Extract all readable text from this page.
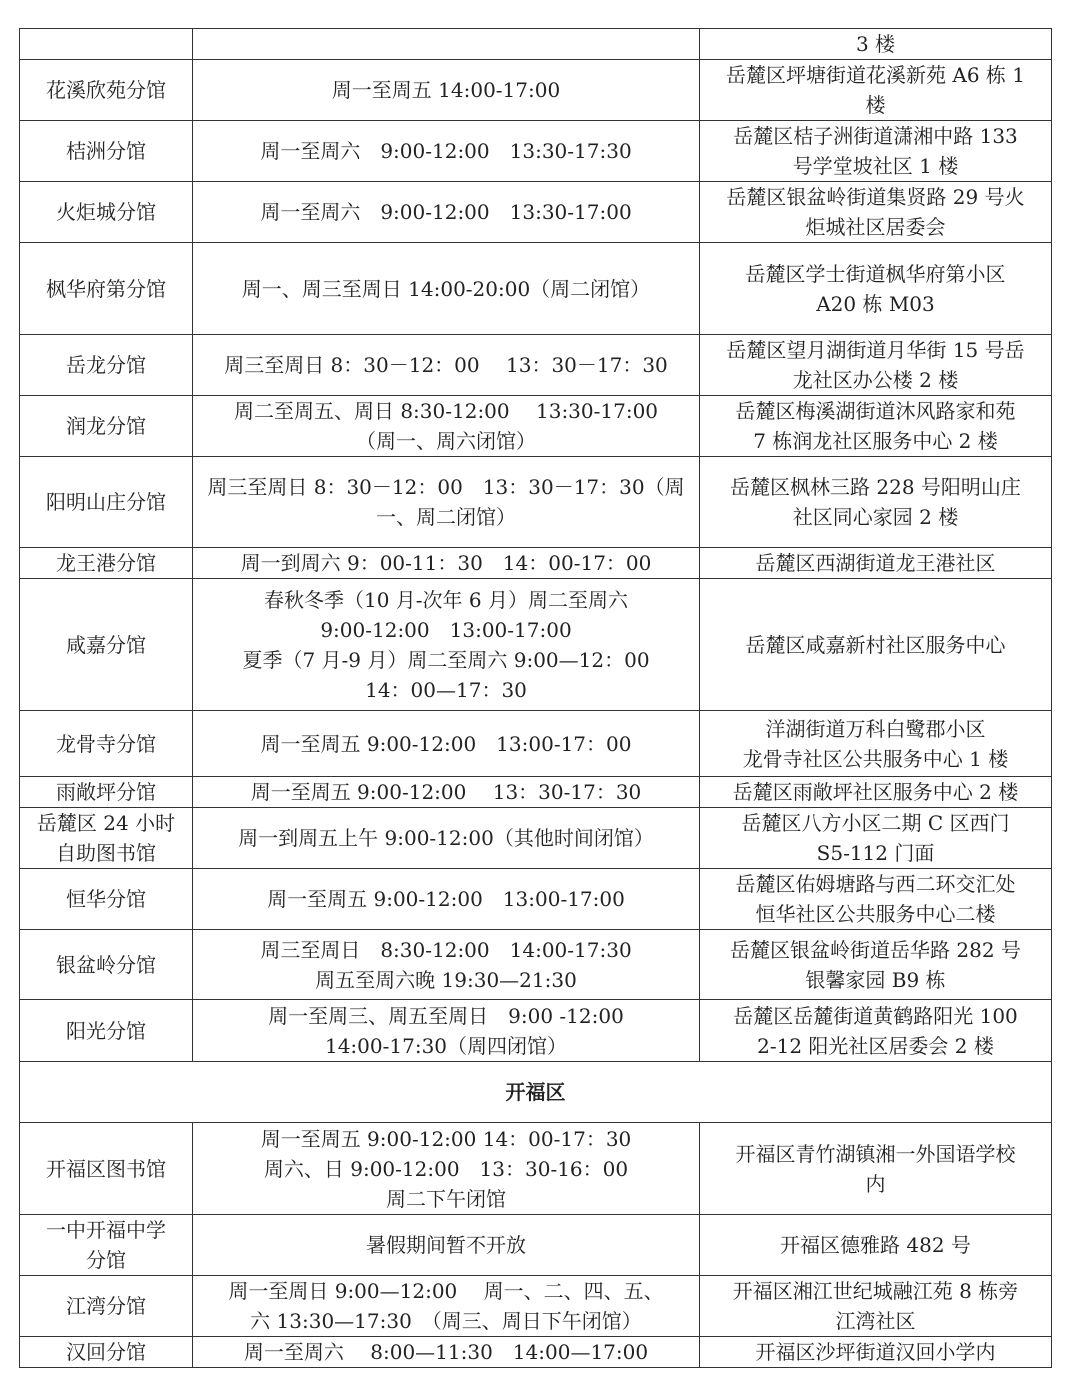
		3 楼
花溪欣苑分馆	周一至周五 14:00-17:00	岳麓区坪塘街道花溪新苑 A6 栋 1
楼
桔洲分馆	周一至周六　9:00-12:00　13:30-17:30	岳麓区桔子洲街道潇湘中路 133
号学堂坡社区 1 楼
火炬城分馆	周一至周六　9:00-12:00　13:30-17:00	岳麓区银盆岭街道集贤路 29 号火
炬城社区居委会
枫华府第分馆	周一、周三至周日 14:00-20:00（周二闭馆）	岳麓区学士街道枫华府第小区
A20 栋 M03
岳龙分馆	周三至周日 8：30－12：00　 13：30－17：30	岳麓区望月湖街道月华街 15 号岳
龙社区办公楼 2 楼
润龙分馆	周二至周五、周日 8:30-12:00　 13:30-17:00
（周一、周六闭馆）	岳麓区梅溪湖街道沐风路家和苑
7 栋润龙社区服务中心 2 楼
阳明山庄分馆	周三至周日 8：30－12：00　13：30－17：30（周
一、周二闭馆）	岳麓区枫林三路 228 号阳明山庄
社区同心家园 2 楼
龙王港分馆	周一到周六 9：00-11：30　14：00-17：00	岳麓区西湖街道龙王港社区
咸嘉分馆	春秋冬季（10 月-次年 6 月）周二至周六
9:00-12:00　13:00-17:00
夏季（7 月-9 月）周二至周六 9:00—12：00
14：00—17：30	岳麓区咸嘉新村社区服务中心
龙骨寺分馆	周一至周五 9:00-12:00　13:00-17：00	洋湖街道万科白鹭郡小区
龙骨寺社区公共服务中心 1 楼
雨敞坪分馆	周一至周五 9:00-12:00　 13：30-17：30	岳麓区雨敞坪社区服务中心 2 楼
岳麓区 24 小时
自助图书馆	周一到周五上午 9:00-12:00（其他时间闭馆）	岳麓区八方小区二期 C 区西门
S5-112 门面
恒华分馆	周一至周五 9:00-12:00　13:00-17:00	岳麓区佑姆塘路与西二环交汇处
恒华社区公共服务中心二楼
银盆岭分馆	周三至周日　8:30-12:00　14:00-17:30
周五至周六晚 19:30—21:30	岳麓区银盆岭街道岳华路 282 号
银馨家园 B9 栋
阳光分馆	周一至周三、周五至周日　9:00 -12:00
14:00-17:30（周四闭馆）	岳麓区岳麓街道黄鹤路阳光 100
2-12 阳光社区居委会 2 楼
开福区		
开福区图书馆	周一至周五 9:00-12:00 14：00-17：30
周六、日 9:00-12:00　13：30-16：00
周二下午闭馆	开福区青竹湖镇湘一外国语学校
内
一中开福中学
分馆	暑假期间暂不开放	开福区德雅路 482 号
江湾分馆	周一至周日 9:00—12:00　 周一、二、四、五、
六 13:30—17:30　（周三、周日下午闭馆）	开福区湘江世纪城融江苑 8 栋旁
江湾社区
汉回分馆	周一至周六　 8:00—11:30　14:00—17:00	开福区沙坪街道汉回小学内
